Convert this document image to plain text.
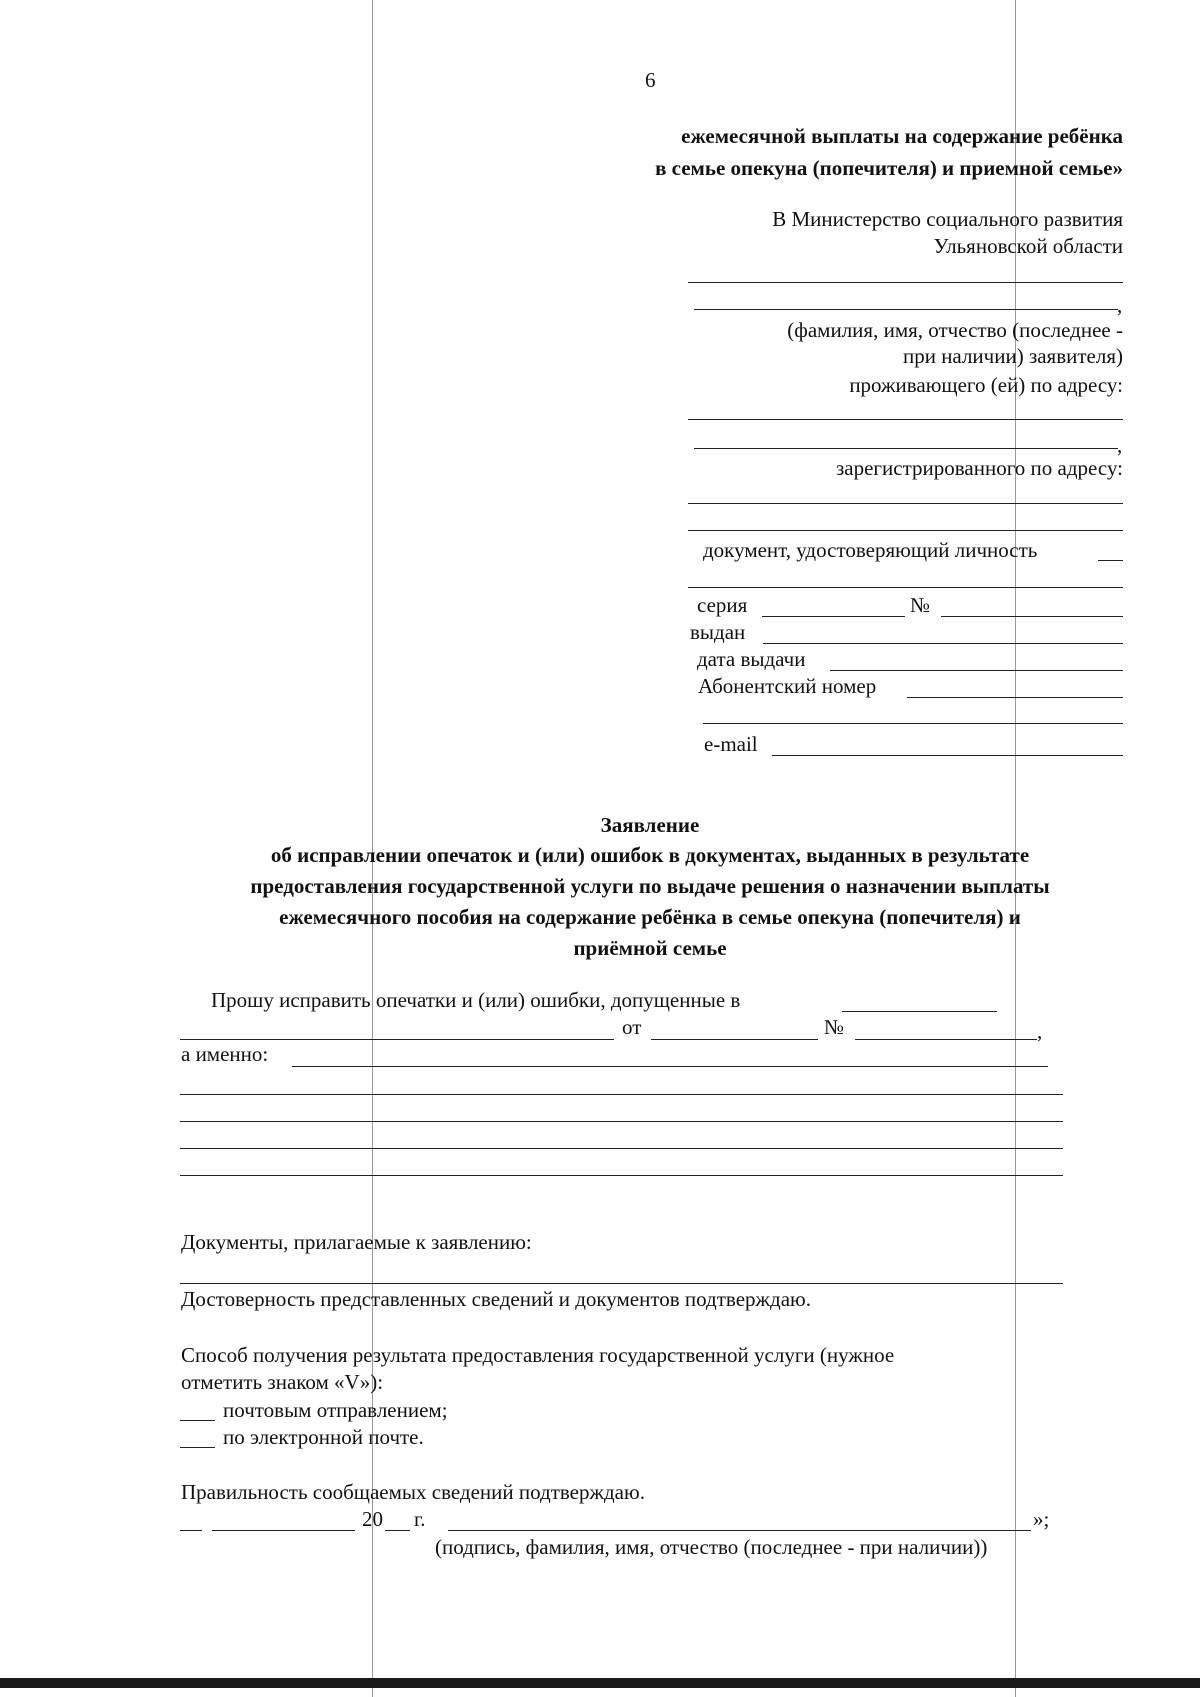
6
ежемесячной выплаты на содержание ребёнка
в семье опекуна (попечителя) и приемной семье»
В Министерство социального развития
Ульяновской области
,
(фамилия, имя, отчество (последнее -
при наличии) заявителя)
проживающего (ей) по адресу:
,
зарегистрированного по адресу:
документ, удостоверяющий личность
серия	№
выдан
дата выдачи
Абонентский номер
e-mail
Заявление
об исправлении опечаток и (или) ошибок в документах, выданных в результате
предоставления государственной услуги по выдаче решения о назначении выплаты
ежемесячного пособия на содержание ребёнка в семье опекуна (попечителя) и
приёмной семье
Прошу исправить опечатки и (или) ошибки, допущенные в
от	№	,
а именно:
Документы, прилагаемые к заявлению:
Достоверность представленных сведений и документов подтверждаю.
Способ получения результата предоставления государственной услуги (нужное
отметить знаком «V»):
почтовым отправлением;
по электронной почте.
Правильность сообщаемых сведений подтверждаю.
20 г.	»;
(подпись, фамилия, имя, отчество (последнее - при наличии))
